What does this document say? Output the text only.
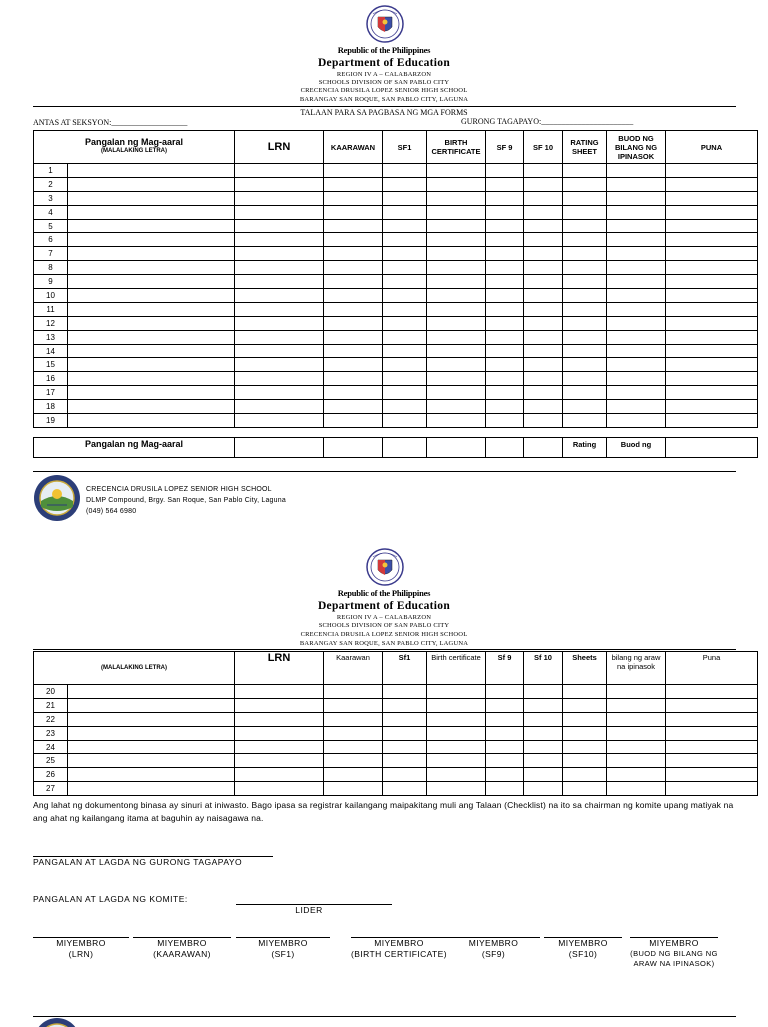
Republic of the Philippines
Department of Education
REGION IV A – CALABARZON
SCHOOLS DIVISION OF SAN PABLO CITY
CRECENCIA DRUSILA LOPEZ SENIOR HIGH SCHOOL
BARANGAY SAN ROQUE, SAN PABLO CITY, LAGUNA
TALAAN PARA SA PAGBASA NG MGA FORMS
ANTAS AT SEKSYON:___________________	GURONG TAGAPAYO:_______________________
Pangalan ng Mag-aaral
(MALALAKING LETRA)		LRN	KAARAWAN	SF1	BIRTH CERTIFICATE	SF 9	SF 10	RATING SHEET	BUOD NG BILANG NG IPINASOK	PUNA
1										
2										
3										
4										
5										
6										
7										
8										
9										
10										
11										
12										
13										
14										
15										
16										
17										
18										
19										
Pangalan ng Mag-aaral							Rating	Buod ng	
CRECENCIA DRUSILA LOPEZ SENIOR HIGH SCHOOL
DLMP Compound, Brgy. San Roque, San Pablo City, Laguna
(049) 564 6980
Republic of the Philippines
Department of Education
REGION IV A – CALABARZON
SCHOOLS DIVISION OF SAN PABLO CITY
CRECENCIA DRUSILA LOPEZ SENIOR HIGH SCHOOL
BARANGAY SAN ROQUE, SAN PABLO CITY, LAGUNA
(MALALAKING LETRA)		LRN	Kaarawan	Sf1	Birth certificate	Sf 9	Sf 10	Sheets	bilang ng araw na ipinasok	Puna
20										
21										
22										
23										
24										
25										
26										
27										
Ang lahat ng dokumentong binasa ay sinuri at iniwasto. Bago ipasa sa registrar kailangang maipakitang muli ang Talaan (Checklist) na ito sa chairman ng komite upang matiyak na ang ahat ng kailangang itama at baguhin ay naisagawa na.
PANGALAN AT LAGDA NG GURONG TAGAPAYO
PANGALAN AT LAGDA NG KOMITE:
LIDER
MIYEMBRO
(LRN)
MIYEMBRO
(KAARAWAN)
MIYEMBRO
(SF1)
MIYEMBRO
(BIRTH CERTIFICATE)
MIYEMBRO
(SF9)
MIYEMBRO
(SF10)
MIYEMBRO
(BUOD NG BILANG NG ARAW NA IPINASOK)
